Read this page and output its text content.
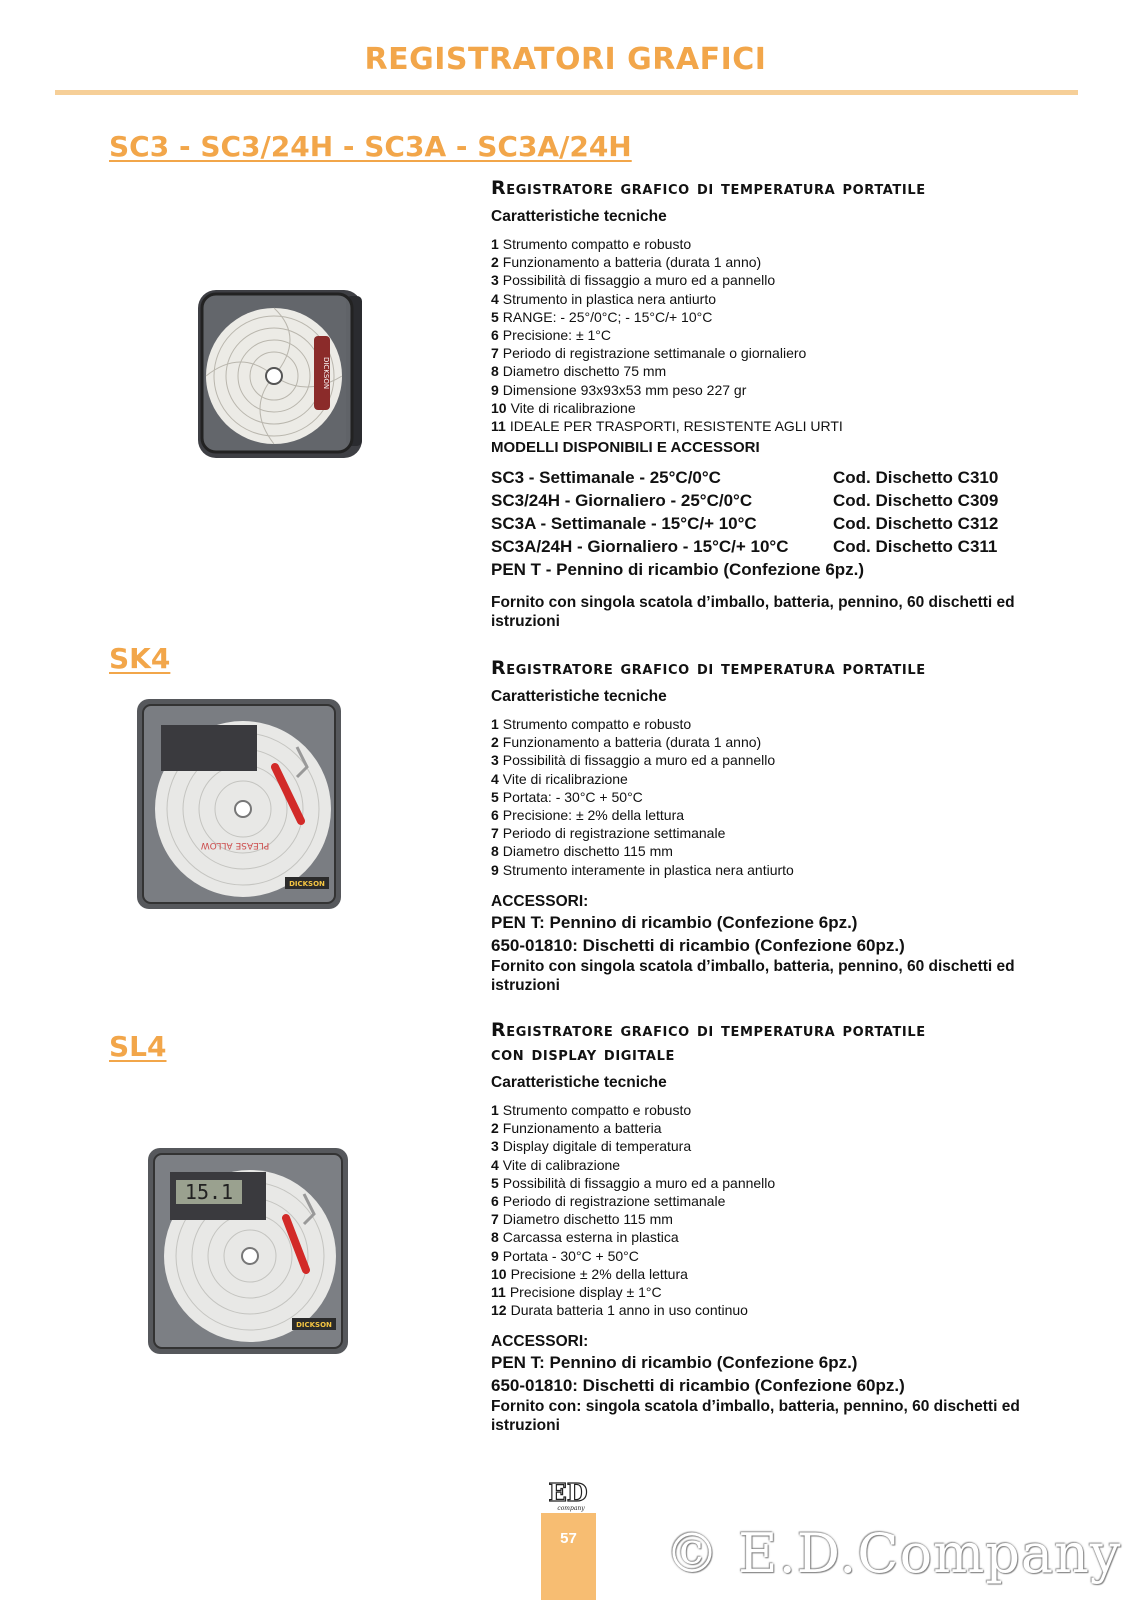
REGISTRATORI GRAFICI
SC3 - SC3/24H - SC3A - SC3A/24H
DICKSON
Registratore grafico di temperatura portatile
Caratteristiche tecniche
1 Strumento compatto e robusto
2 Funzionamento a batteria (durata 1 anno)
3 Possibilità di fissaggio a muro ed a pannello
4 Strumento in plastica nera antiurto
5 RANGE: - 25°/0°C; - 15°C/+ 10°C
6 Precisione: ± 1°C
7 Periodo di registrazione settimanale o giornaliero
8 Diametro dischetto 75 mm
9 Dimensione 93x93x53 mm peso 227 gr
10 Vite di ricalibrazione
11 IDEALE PER TRASPORTI, RESISTENTE AGLI URTI
MODELLI DISPONIBILI E ACCESSORI
SC3 - Settimanale - 25°C/0°C	Cod. Dischetto C310
SC3/24H - Giornaliero - 25°C/0°C	Cod. Dischetto C309
SC3A - Settimanale - 15°C/+ 10°C	Cod. Dischetto C312
SC3A/24H - Giornaliero - 15°C/+ 10°C	Cod. Dischetto C311
PEN T - Pennino di ricambio (Confezione 6pz.)
Fornito con singola scatola d’imballo, batteria, pennino, 60 dischetti ed istruzioni
SK4
PLEASE ALLOW
DICKSON
Registratore grafico di temperatura portatile
Caratteristiche tecniche
1 Strumento compatto e robusto
2 Funzionamento a batteria (durata 1 anno)
3 Possibilità di fissaggio a muro ed a pannello
4 Vite di ricalibrazione
5 Portata: - 30°C + 50°C
6 Precisione: ± 2% della lettura
7 Periodo di registrazione settimanale
8 Diametro dischetto 115 mm
9 Strumento interamente in plastica nera antiurto
ACCESSORI:
PEN T: Pennino di ricambio (Confezione 6pz.)
650-01810: Dischetti di ricambio (Confezione 60pz.)
Fornito con singola scatola d’imballo, batteria, pennino, 60 dischetti ed istruzioni
SL4
15.1
DICKSON
Registratore grafico di temperatura portatile
con display digitale
Caratteristiche tecniche
1 Strumento compatto e robusto
2 Funzionamento a batteria
3 Display digitale di temperatura
4 Vite di calibrazione
5 Possibilità di fissaggio a muro ed a pannello
6 Periodo di registrazione settimanale
7 Diametro dischetto 115 mm
8 Carcassa esterna in plastica
9 Portata - 30°C + 50°C
10 Precisione ± 2% della lettura
11 Precisione display ± 1°C
12 Durata batteria 1 anno in uso continuo
ACCESSORI:
PEN T: Pennino di ricambio (Confezione 6pz.)
650-01810: Dischetti di ricambio (Confezione 60pz.)
Fornito con: singola scatola d’imballo, batteria, pennino, 60 dischetti ed istruzioni
ED
company
57	© E.D.Company
